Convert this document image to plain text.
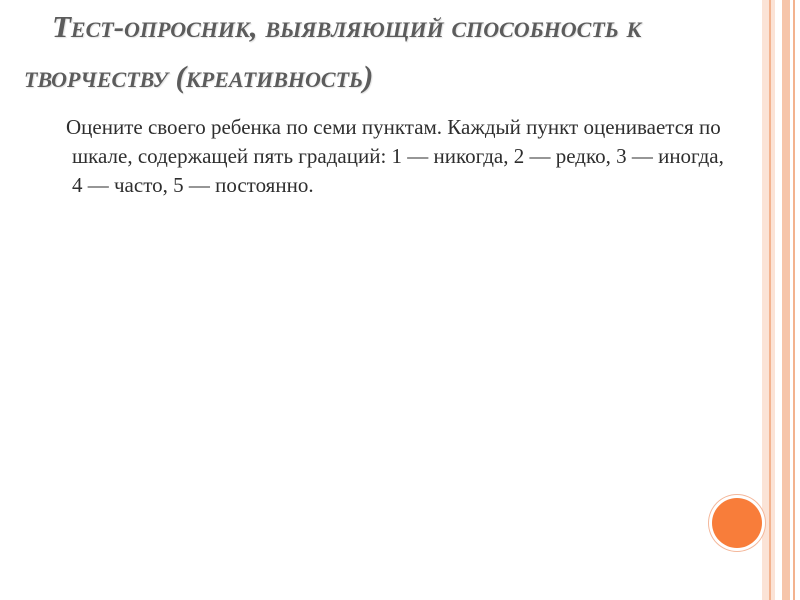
Тест-опросник, выявляющий способность к творчеству (креативность)

Оцените своего ребенка по семи пунктам. Каждый пункт оценивается по шкале, содержащей пять градаций: 1 — никогда, 2 — редко, 3 — иногда, 4 — часто, 5 — постоянно.
